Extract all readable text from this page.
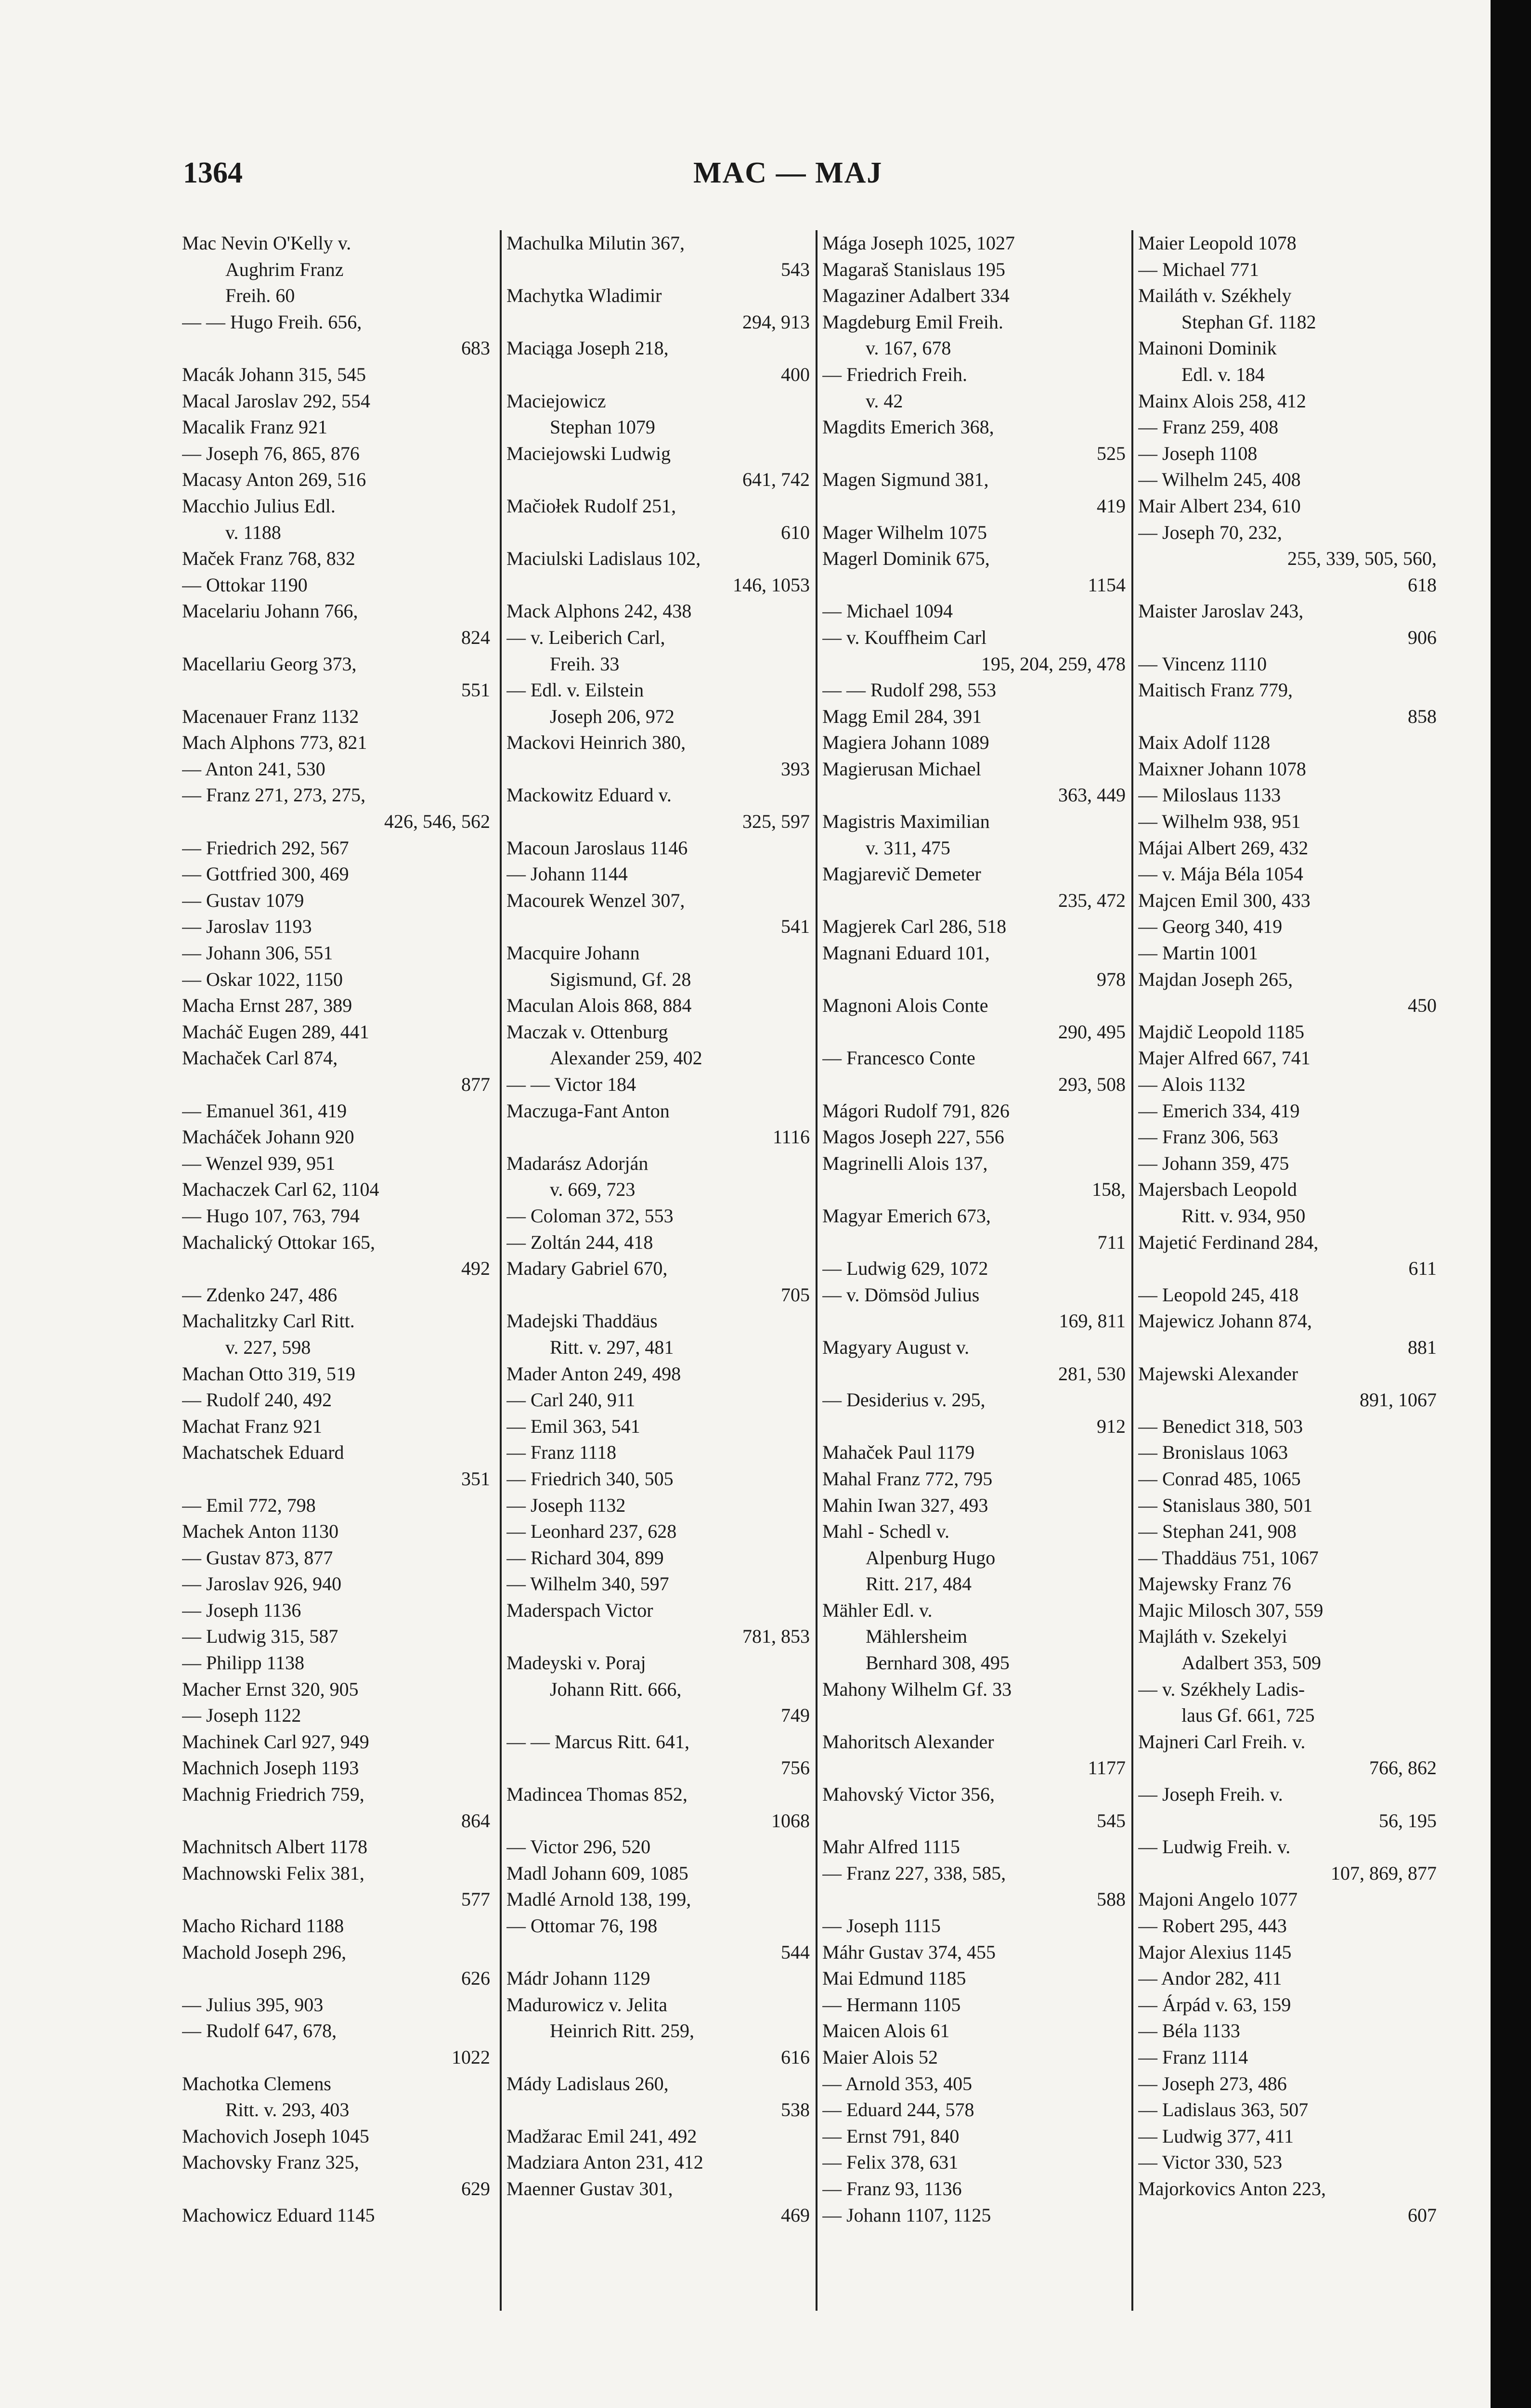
1364	MAC — MAJ
Mac Nevin O'Kelly v.
Aughrim Franz
Freih. 60
— — Hugo Freih. 656,
683
Macák Johann 315, 545
Macal Jaroslav 292, 554
Macalik Franz 921
— Joseph 76, 865, 876
Macasy Anton 269, 516
Macchio Julius Edl.
v. 1188
Maček Franz 768, 832
— Ottokar 1190
Macelariu Johann 766,
824
Macellariu Georg 373,
551
Macenauer Franz 1132
Mach Alphons 773, 821
— Anton 241, 530
— Franz 271, 273, 275,
426, 546, 562
— Friedrich 292, 567
— Gottfried 300, 469
— Gustav 1079
— Jaroslav 1193
— Johann 306, 551
— Oskar 1022, 1150
Macha Ernst 287, 389
Macháč Eugen 289, 441
Machaček Carl 874,
877
— Emanuel 361, 419
Macháček Johann 920
— Wenzel 939, 951
Machaczek Carl 62, 1104
— Hugo 107, 763, 794
Machalický Ottokar 165,
492
— Zdenko 247, 486
Machalitzky Carl Ritt.
v. 227, 598
Machan Otto 319, 519
— Rudolf 240, 492
Machat Franz 921
Machatschek Eduard
351
— Emil 772, 798
Machek Anton 1130
— Gustav 873, 877
— Jaroslav 926, 940
— Joseph 1136
— Ludwig 315, 587
— Philipp 1138
Macher Ernst 320, 905
— Joseph 1122
Machinek Carl 927, 949
Machnich Joseph 1193
Machnig Friedrich 759,
864
Machnitsch Albert 1178
Machnowski Felix 381,
577
Macho Richard 1188
Machold Joseph 296,
626
— Julius 395, 903
— Rudolf 647, 678,
1022
Machotka Clemens
Ritt. v. 293, 403
Machovich Joseph 1045
Machovsky Franz 325,
629
Machowicz Eduard 1145
Machulka Milutin 367,
543
Machytka Wladimir
294, 913
Maciąga Joseph 218,
400
Maciejowicz
Stephan 1079
Maciejowski Ludwig
641, 742
Mačiołek Rudolf 251,
610
Maciulski Ladislaus 102,
146, 1053
Mack Alphons 242, 438
— v. Leiberich Carl,
Freih. 33
— Edl. v. Eilstein
Joseph 206, 972
Mackovi Heinrich 380,
393
Mackowitz Eduard v.
325, 597
Macoun Jaroslaus 1146
— Johann 1144
Macourek Wenzel 307,
541
Macquire Johann
Sigismund, Gf. 28
Maculan Alois 868, 884
Maczak v. Ottenburg
Alexander 259, 402
— — Victor 184
Maczuga-Fant Anton
1116
Madarász Adorján
v. 669, 723
— Coloman 372, 553
— Zoltán 244, 418
Madary Gabriel 670,
705
Madejski Thaddäus
Ritt. v. 297, 481
Mader Anton 249, 498
— Carl 240, 911
— Emil 363, 541
— Franz 1118
— Friedrich 340, 505
— Joseph 1132
— Leonhard 237, 628
— Richard 304, 899
— Wilhelm 340, 597
Maderspach Victor
781, 853
Madeyski v. Poraj
Johann Ritt. 666,
749
— — Marcus Ritt. 641,
756
Madincea Thomas 852,
1068
— Victor 296, 520
Madl Johann 609, 1085
Madlé Arnold 138, 199,
— Ottomar 76, 198
544
Mádr Johann 1129
Madurowicz v. Jelita
Heinrich Ritt. 259,
616
Mády Ladislaus 260,
538
Madžarac Emil 241, 492
Madziara Anton 231, 412
Maenner Gustav 301,
469
Mága Joseph 1025, 1027
Magaraš Stanislaus 195
Magaziner Adalbert 334
Magdeburg Emil Freih.
v. 167, 678
— Friedrich Freih.
v. 42
Magdits Emerich 368,
525
Magen Sigmund 381,
419
Mager Wilhelm 1075
Magerl Dominik 675,
1154
— Michael 1094
— v. Kouffheim Carl
195, 204, 259, 478
— — Rudolf 298, 553
Magg Emil 284, 391
Magiera Johann 1089
Magierusan Michael
363, 449
Magistris Maximilian
v. 311, 475
Magjarevič Demeter
235, 472
Magjerek Carl 286, 518
Magnani Eduard 101,
978
Magnoni Alois Conte
290, 495
— Francesco Conte
293, 508
Mágori Rudolf 791, 826
Magos Joseph 227, 556
Magrinelli Alois 137,
158,
Magyar Emerich 673,
711
— Ludwig 629, 1072
— v. Dömsöd Julius
169, 811
Magyary August v.
281, 530
— Desiderius v. 295,
912
Mahaček Paul 1179
Mahal Franz 772, 795
Mahin Iwan 327, 493
Mahl - Schedl v.
Alpenburg Hugo
Ritt. 217, 484
Mähler Edl. v.
Mählersheim
Bernhard 308, 495
Mahony Wilhelm Gf. 33
Mahoritsch Alexander
1177
Mahovský Victor 356,
545
Mahr Alfred 1115
— Franz 227, 338, 585,
588
— Joseph 1115
Máhr Gustav 374, 455
Mai Edmund 1185
— Hermann 1105
Maicen Alois 61
Maier Alois 52
— Arnold 353, 405
— Eduard 244, 578
— Ernst 791, 840
— Felix 378, 631
— Franz 93, 1136
— Johann 1107, 1125
Maier Leopold 1078
— Michael 771
Mailáth v. Székhely
Stephan Gf. 1182
Mainoni Dominik
Edl. v. 184
Mainx Alois 258, 412
— Franz 259, 408
— Joseph 1108
— Wilhelm 245, 408
Mair Albert 234, 610
— Joseph 70, 232,
255, 339, 505, 560,
618
Maister Jaroslav 243,
906
— Vincenz 1110
Maitisch Franz 779,
858
Maix Adolf 1128
Maixner Johann 1078
— Miloslaus 1133
— Wilhelm 938, 951
Májai Albert 269, 432
— v. Mája Béla 1054
Majcen Emil 300, 433
— Georg 340, 419
— Martin 1001
Majdan Joseph 265,
450
Majdič Leopold 1185
Majer Alfred 667, 741
— Alois 1132
— Emerich 334, 419
— Franz 306, 563
— Johann 359, 475
Majersbach Leopold
Ritt. v. 934, 950
Majetić Ferdinand 284,
611
— Leopold 245, 418
Majewicz Johann 874,
881
Majewski Alexander
891, 1067
— Benedict 318, 503
— Bronislaus 1063
— Conrad 485, 1065
— Stanislaus 380, 501
— Stephan 241, 908
— Thaddäus 751, 1067
Majewsky Franz 76
Majic Milosch 307, 559
Majláth v. Szekelyi
Adalbert 353, 509
— v. Székhely Ladis-
laus Gf. 661, 725
Majneri Carl Freih. v.
766, 862
— Joseph Freih. v.
56, 195
— Ludwig Freih. v.
107, 869, 877
Majoni Angelo 1077
— Robert 295, 443
Major Alexius 1145
— Andor 282, 411
— Árpád v. 63, 159
— Béla 1133
— Franz 1114
— Joseph 273, 486
— Ladislaus 363, 507
— Ludwig 377, 411
— Victor 330, 523
Majorkovics Anton 223,
607
